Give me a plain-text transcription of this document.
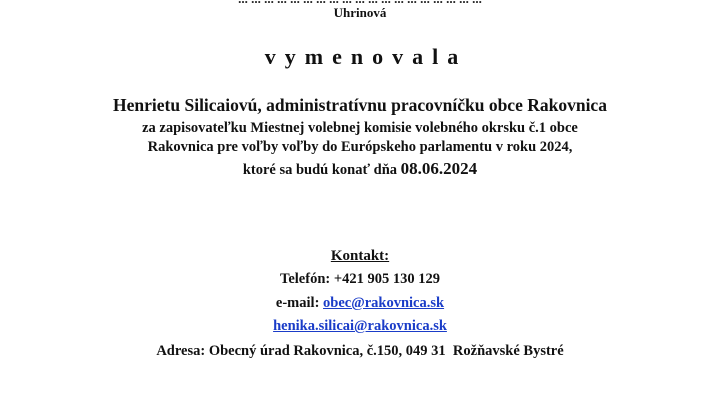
Uhrinová
vymenovala
Henrietu Silicaiovú, administratívnu pracovníčku obce Rakovnica
za zapisovateľku Miestnej volebnej komisie volebného okrsku č.1 obce
Rakovnica pre voľby voľby do Európskeho parlamentu v roku 2024,
ktoré sa budú konať dňa 08.06.2024
Kontakt:
Telefón: +421 905 130 129
e-mail: obec@rakovnica.sk
henika.silicai@rakovnica.sk
Adresa: Obecný úrad Rakovnica, č.150, 049 31  Rožňavské Bystré
